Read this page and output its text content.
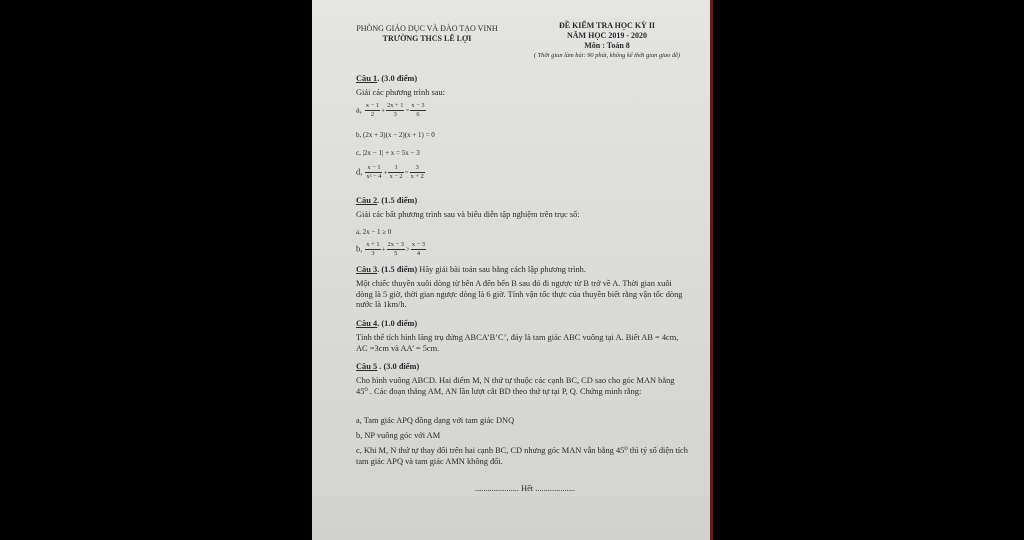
PHÒNG GIÁO DỤC VÀ ĐÀO TẠO VINH
TRƯỜNG THCS LÊ LỢI
ĐỀ KIỂM TRA HỌC KỲ II
NĂM HỌC 2019 - 2020
Môn : Toán 8
( Thời gian làm bài: 90 phút, không kể thời gian giao đề)
Câu 1. (3.0 điểm)
Giải các phương trình sau:
a, $\frac{x - 1}{2} + \frac{2x + 1}{3} = \frac{x - 3}{6}$
b, (2x + 3)(x − 2)(x + 1) = 0
c, |2x − 1| + x = 5x − 3
d, $\frac{x - 1}{\text{x² − 4}} + \frac{1}{x - 2} = \frac{3}{x + 2}$
Câu 2. (1.5 điểm)
Giải các bất phương trình sau và biểu diễn tập nghiệm trên trục số:
a, 2x − 1 ≥ 0
b, $\frac{x + 1}{3} + \frac{2x - 3}{5} > \frac{x - 3}{4}$
Câu 3. (1.5 điểm) Hãy giải bài toán sau bằng cách lập phương trình.
Một chiếc thuyền xuôi dòng từ bến A đến bến B sau đó đi ngược từ B trở về A. Thời gian xuôi dòng là 5 giờ, thời gian ngược dòng là 6 giờ. Tính vận tốc thực của thuyền biết rằng vận tốc dòng nước là 1km/h.
Câu 4. (1.0 điểm)
Tính thể tích hình lăng trụ đứng ABCA’B’C’, đáy là tam giác ABC vuông tại A. Biết AB = 4cm, AC =3cm và AA’ = 5cm.
Câu 5 . (3.0 điểm)
Cho hình vuông ABCD. Hai điểm M, N thứ tự thuộc các cạnh BC, CD sao cho góc MAN bằng 45⁰ . Các đoạn thẳng AM, AN lần lượt cắt BD theo thứ tự tại P, Q. Chứng minh rằng:
a, Tam giác APQ đồng dạng với tam giác DNQ
b, NP vuông góc với AM
c, Khi M, N thứ tự thay đổi trên hai cạnh BC, CD nhưng góc MAN vẫn bằng 45⁰ thì tỷ số diện tích tam giác APQ và tam giác AMN không đổi.
..................... Hết ...................
